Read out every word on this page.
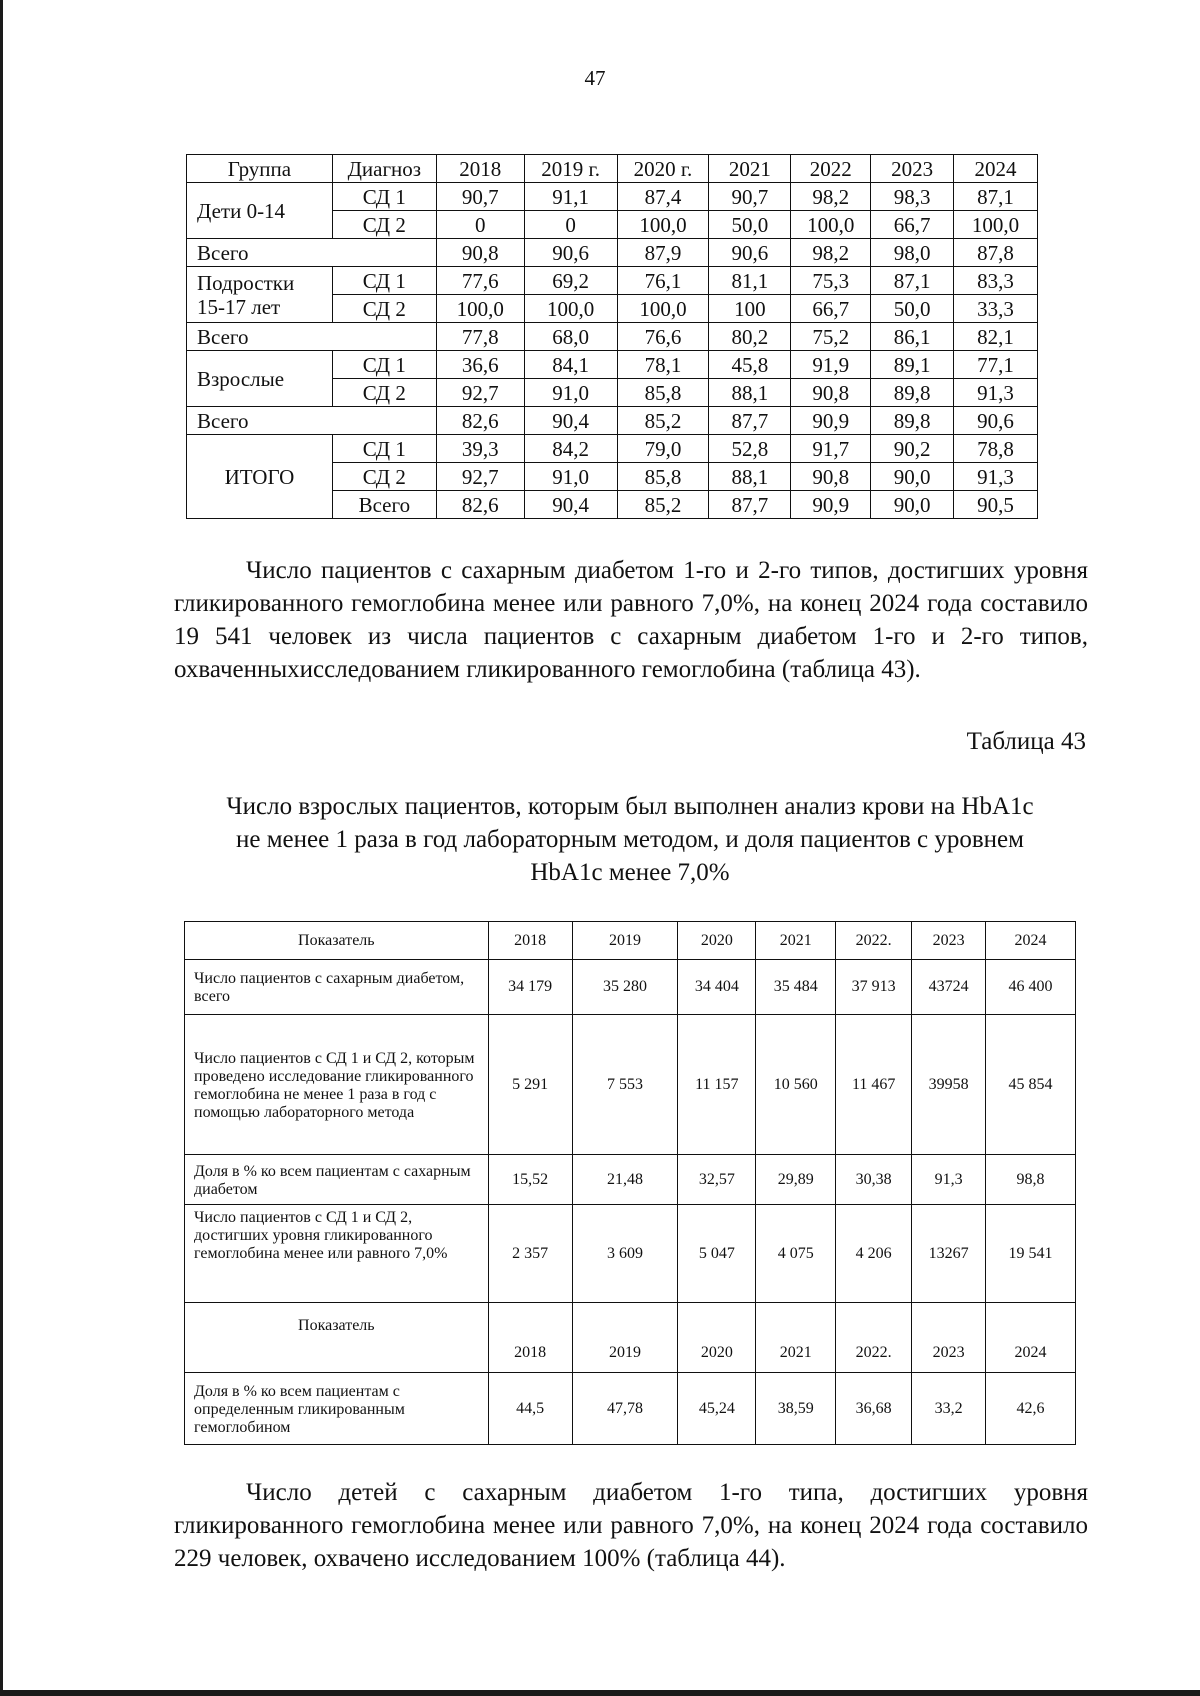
47
Группа	Диагноз	2018	2019 г.	2020 г.	2021	2022	2023	2024
Дети 0-14	СД 1	90,7	91,1	87,4	90,7	98,2	98,3	87,1
	СД 2	0	0	100,0	50,0	100,0	66,7	100,0
Всего		90,8	90,6	87,9	90,6	98,2	98,0	87,8
Подростки
15-17 лет	СД 1	77,6	69,2	76,1	81,1	75,3	87,1	83,3
	СД 2	100,0	100,0	100,0	100	66,7	50,0	33,3
Всего		77,8	68,0	76,6	80,2	75,2	86,1	82,1
Взрослые	СД 1	36,6	84,1	78,1	45,8	91,9	89,1	77,1
	СД 2	92,7	91,0	85,8	88,1	90,8	89,8	91,3
Всего		82,6	90,4	85,2	87,7	90,9	89,8	90,6
ИТОГО	СД 1	39,3	84,2	79,0	52,8	91,7	90,2	78,8
	СД 2	92,7	91,0	85,8	88,1	90,8	90,0	91,3
	Всего	82,6	90,4	85,2	87,7	90,9	90,0	90,5

Число пациентов с сахарным диабетом 1-го и 2-го типов, достигших уровня гликированного гемоглобина менее или равного 7,0%, на конец 2024 года составило 19 541 человек из числа пациентов с сахарным диабетом 1-го и 2-го типов, охваченныхисследованием гликированного гемоглобина (таблица 43).

Таблица 43
Число взрослых пациентов, которым был выполнен анализ крови на HbA1c
не менее 1 раза в год лабораторным методом, и доля пациентов с уровнем
HbA1c менее 7,0%
Показатель	2018	2019	2020	2021	2022.	2023	2024
Число пациентов с сахарным диабетом, всего	34 179	35 280	34 404	35 484	37 913	43724	46 400
Число пациентов с СД 1 и СД 2, которым проведено исследование гликированного гемоглобина не менее 1 раза в год с помощью лабораторного метода	5 291	7 553	11 157	10 560	11 467	39958	45 854
Доля в % ко всем пациентам с сахарным диабетом	15,52	21,48	32,57	29,89	30,38	91,3	98,8
Число пациентов с СД 1 и СД 2, достигших уровня гликированного гемоглобина менее или равного 7,0%	2 357	3 609	5 047	4 075	4 206	13267	19 541
Показатель	2018	2019	2020	2021	2022.	2023	2024
Доля в % ко всем пациентам с определенным гликированным гемоглобином	44,5	47,78	45,24	38,59	36,68	33,2	42,6

Число детей с сахарным диабетом 1-го типа, достигших уровня гликированного гемоглобина менее или равного 7,0%, на конец 2024 года составило 229 человек, охвачено исследованием 100% (таблица 44).
